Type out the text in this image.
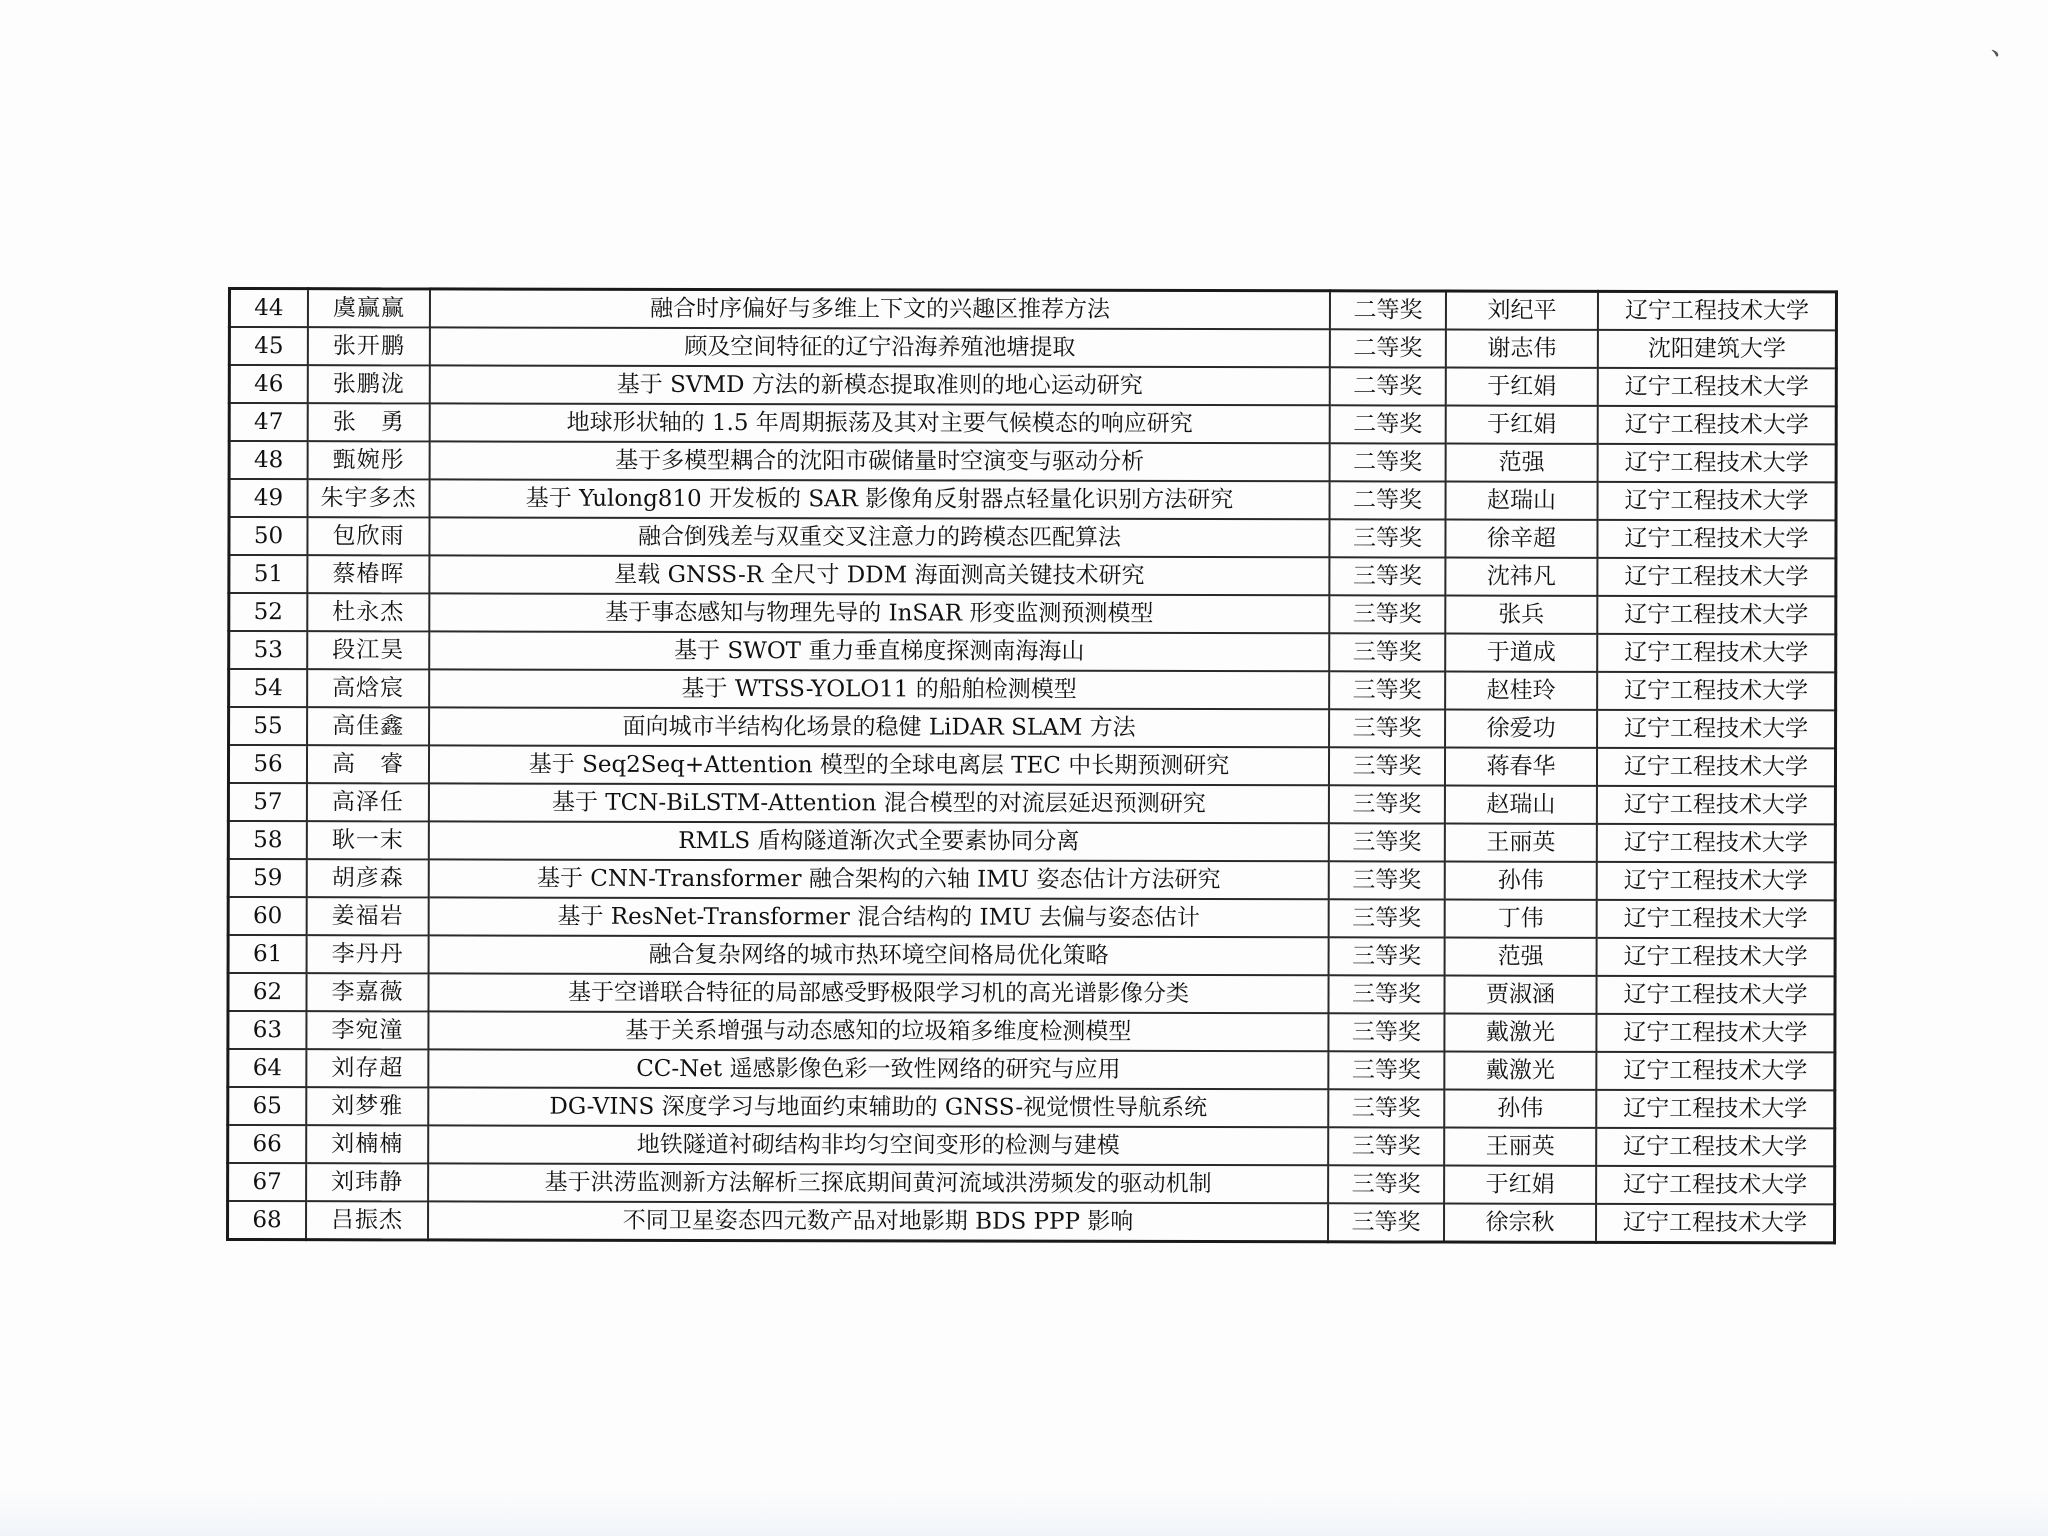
﹅
44	虞赢赢	融合时序偏好与多维上下文的兴趣区推荐方法	二等奖	刘纪平	辽宁工程技术大学
45	张开鹏	顾及空间特征的辽宁沿海养殖池塘提取	二等奖	谢志伟	沈阳建筑大学
46	张鹏泷	基于 SVMD 方法的新模态提取准则的地心运动研究	二等奖	于红娟	辽宁工程技术大学
47	张　勇	地球形状轴的 1.5 年周期振荡及其对主要气候模态的响应研究	二等奖	于红娟	辽宁工程技术大学
48	甄婉彤	基于多模型耦合的沈阳市碳储量时空演变与驱动分析	二等奖	范强	辽宁工程技术大学
49	朱宇多杰	基于 Yulong810 开发板的 SAR 影像角反射器点轻量化识别方法研究	二等奖	赵瑞山	辽宁工程技术大学
50	包欣雨	融合倒残差与双重交叉注意力的跨模态匹配算法	三等奖	徐辛超	辽宁工程技术大学
51	蔡椿晖	星载 GNSS-R 全尺寸 DDM 海面测高关键技术研究	三等奖	沈祎凡	辽宁工程技术大学
52	杜永杰	基于事态感知与物理先导的 InSAR 形变监测预测模型	三等奖	张兵	辽宁工程技术大学
53	段江昊	基于 SWOT 重力垂直梯度探测南海海山	三等奖	于道成	辽宁工程技术大学
54	高焓宸	基于 WTSS-YOLO11 的船舶检测模型	三等奖	赵桂玲	辽宁工程技术大学
55	高佳鑫	面向城市半结构化场景的稳健 LiDAR SLAM 方法	三等奖	徐爱功	辽宁工程技术大学
56	高　睿	基于 Seq2Seq+Attention 模型的全球电离层 TEC 中长期预测研究	三等奖	蒋春华	辽宁工程技术大学
57	高泽任	基于 TCN-BiLSTM-Attention 混合模型的对流层延迟预测研究	三等奖	赵瑞山	辽宁工程技术大学
58	耿一末	RMLS 盾构隧道渐次式全要素协同分离	三等奖	王丽英	辽宁工程技术大学
59	胡彦森	基于 CNN-Transformer 融合架构的六轴 IMU 姿态估计方法研究	三等奖	孙伟	辽宁工程技术大学
60	姜福岩	基于 ResNet-Transformer 混合结构的 IMU 去偏与姿态估计	三等奖	丁伟	辽宁工程技术大学
61	李丹丹	融合复杂网络的城市热环境空间格局优化策略	三等奖	范强	辽宁工程技术大学
62	李嘉薇	基于空谱联合特征的局部感受野极限学习机的高光谱影像分类	三等奖	贾淑涵	辽宁工程技术大学
63	李宛潼	基于关系增强与动态感知的垃圾箱多维度检测模型	三等奖	戴激光	辽宁工程技术大学
64	刘存超	CC-Net 遥感影像色彩一致性网络的研究与应用	三等奖	戴激光	辽宁工程技术大学
65	刘梦雅	DG-VINS 深度学习与地面约束辅助的 GNSS-视觉惯性导航系统	三等奖	孙伟	辽宁工程技术大学
66	刘楠楠	地铁隧道衬砌结构非均匀空间变形的检测与建模	三等奖	王丽英	辽宁工程技术大学
67	刘玮静	基于洪涝监测新方法解析三探底期间黄河流域洪涝频发的驱动机制	三等奖	于红娟	辽宁工程技术大学
68	吕振杰	不同卫星姿态四元数产品对地影期 BDS PPP 影响	三等奖	徐宗秋	辽宁工程技术大学
